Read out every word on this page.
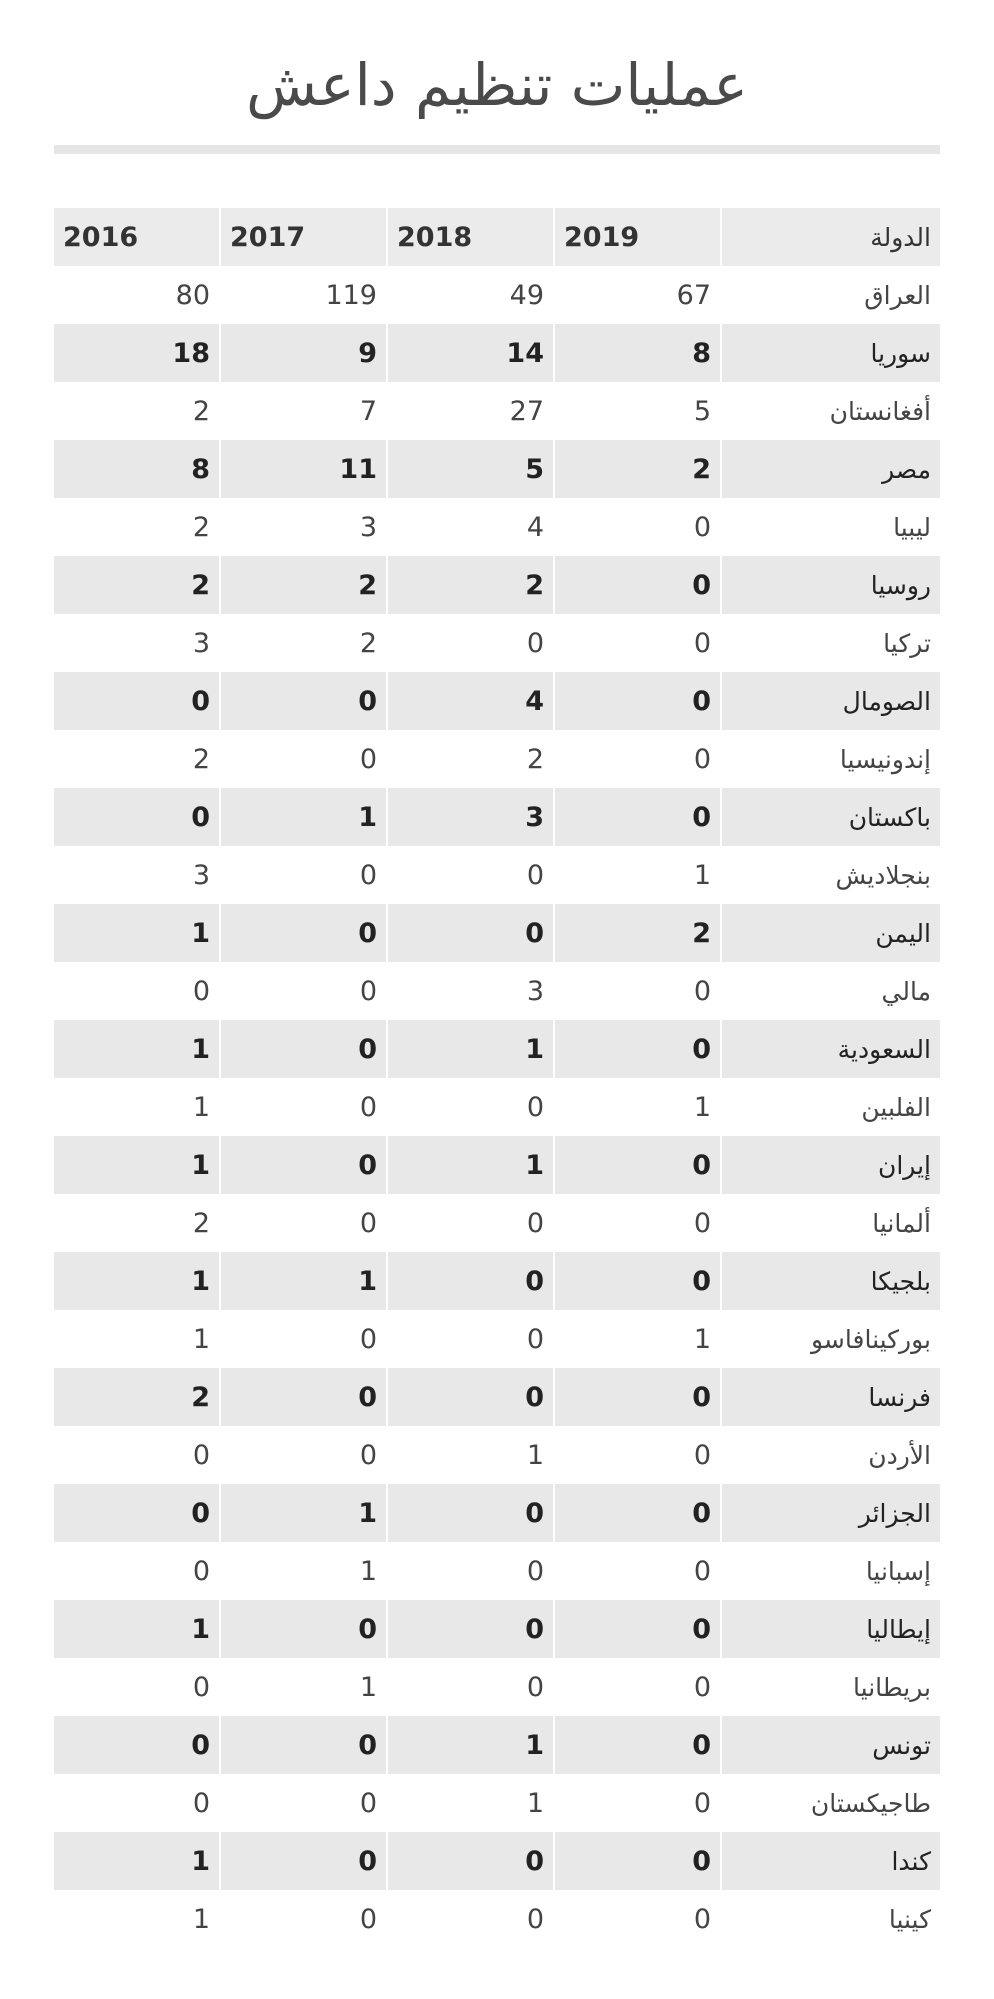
عمليات تنظيم داعش
2016	2017	2018	2019	الدولة
80	119	49	67	العراق
18	9	14	8	سوريا
2	7	27	5	أفغانستان
8	11	5	2	مصر
2	3	4	0	ليبيا
2	2	2	0	روسيا
3	2	0	0	تركيا
0	0	4	0	الصومال
2	0	2	0	إندونيسيا
0	1	3	0	باكستان
3	0	0	1	بنجلاديش
1	0	0	2	اليمن
0	0	3	0	مالي
1	0	1	0	السعودية
1	0	0	1	الفلبين
1	0	1	0	إيران
2	0	0	0	ألمانيا
1	1	0	0	بلجيكا
1	0	0	1	بوركينافاسو
2	0	0	0	فرنسا
0	0	1	0	الأردن
0	1	0	0	الجزائر
0	1	0	0	إسبانيا
1	0	0	0	إيطاليا
0	1	0	0	بريطانيا
0	0	1	0	تونس
0	0	1	0	طاجيكستان
1	0	0	0	كندا
1	0	0	0	كينيا
